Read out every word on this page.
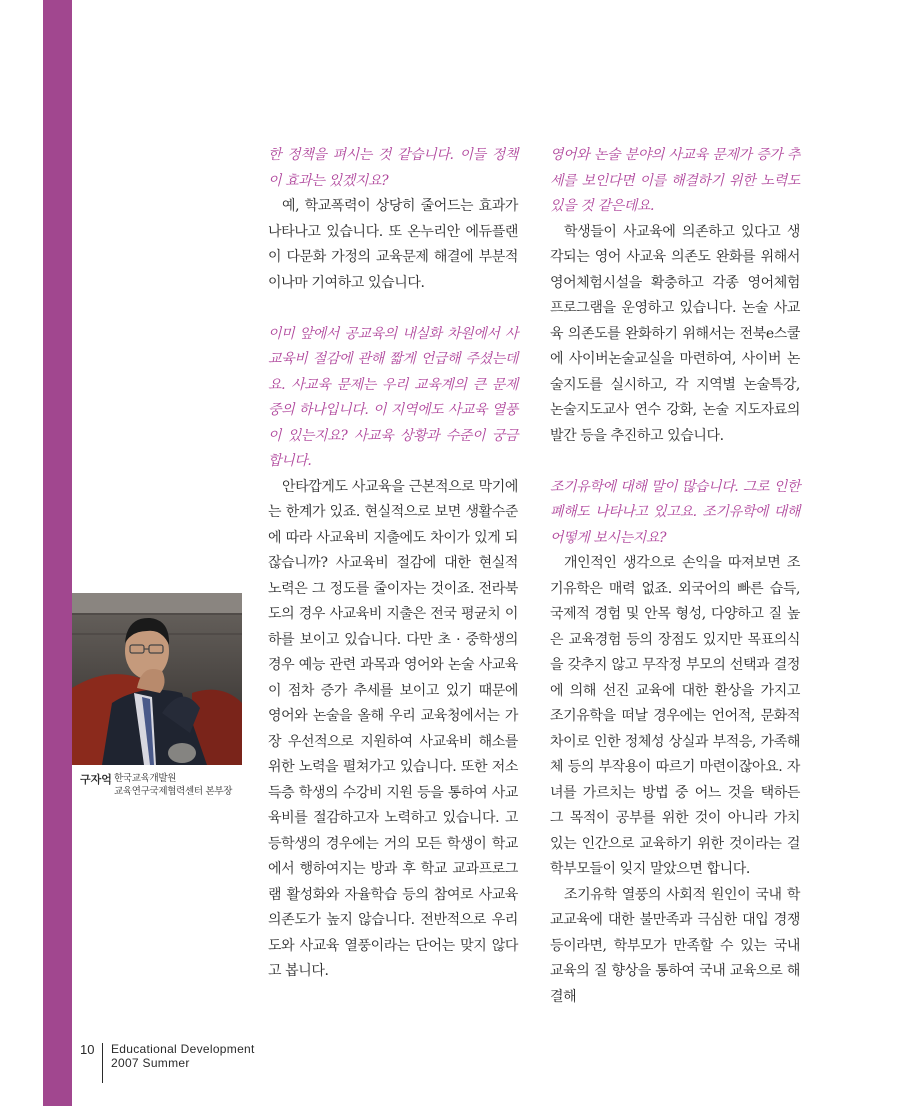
한 정책을 펴시는 것 같습니다. 이들 정책이 효과는 있겠지요?

예, 학교폭력이 상당히 줄어드는 효과가 나타나고 있습니다. 또 온누리안 에듀플랜이 다문화 가정의 교육문제 해결에 부분적이나마 기여하고 있습니다.

이미 앞에서 공교육의 내실화 차원에서 사교육비 절감에 관해 짧게 언급해 주셨는데요. 사교육 문제는 우리 교육계의 큰 문제 중의 하나입니다. 이 지역에도 사교육 열풍이 있는지요? 사교육 상황과 수준이 궁금합니다.

안타깝게도 사교육을 근본적으로 막기에는 한계가 있죠. 현실적으로 보면 생활수준에 따라 사교육비 지출에도 차이가 있게 되잖습니까? 사교육비 절감에 대한 현실적 노력은 그 정도를 줄이자는 것이죠. 전라북도의 경우 사교육비 지출은 전국 평균치 이하를 보이고 있습니다. 다만 초 · 중학생의 경우 예능 관련 과목과 영어와 논술 사교육이 점차 증가 추세를 보이고 있기 때문에 영어와 논술을 올해 우리 교육청에서는 가장 우선적으로 지원하여 사교육비 해소를 위한 노력을 펼쳐가고 있습니다. 또한 저소득층 학생의 수강비 지원 등을 통하여 사교육비를 절감하고자 노력하고 있습니다. 고등학생의 경우에는 거의 모든 학생이 학교에서 행하여지는 방과 후 학교 교과프로그램 활성화와 자율학습 등의 참여로 사교육 의존도가 높지 않습니다. 전반적으로 우리 도와 사교육 열풍이라는 단어는 맞지 않다고 봅니다.

영어와 논술 분야의 사교육 문제가 증가 추세를 보인다면 이를 해결하기 위한 노력도 있을 것 같은데요.

학생들이 사교육에 의존하고 있다고 생각되는 영어 사교육 의존도 완화를 위해서 영어체험시설을 확충하고 각종 영어체험 프로그램을 운영하고 있습니다. 논술 사교육 의존도를 완화하기 위해서는 전북e스쿨에 사이버논술교실을 마련하여, 사이버 논술지도를 실시하고, 각 지역별 논술특강, 논술지도교사 연수 강화, 논술 지도자료의 발간 등을 추진하고 있습니다.

조기유학에 대해 말이 많습니다. 그로 인한 폐해도 나타나고 있고요. 조기유학에 대해 어떻게 보시는지요?

개인적인 생각으로 손익을 따져보면 조기유학은 매력 없죠. 외국어의 빠른 습득, 국제적 경험 및 안목 형성, 다양하고 질 높은 교육경험 등의 장점도 있지만 목표의식을 갖추지 않고 무작정 부모의 선택과 결정에 의해 선진 교육에 대한 환상을 가지고 조기유학을 떠날 경우에는 언어적, 문화적 차이로 인한 정체성 상실과 부적응, 가족해체 등의 부작용이 따르기 마련이잖아요. 자녀를 가르치는 방법 중 어느 것을 택하든 그 목적이 공부를 위한 것이 아니라 가치 있는 인간으로 교육하기 위한 것이라는 걸 학부모들이 잊지 말았으면 합니다.

조기유학 열풍의 사회적 원인이 국내 학교교육에 대한 불만족과 극심한 대입 경쟁 등이라면, 학부모가 만족할 수 있는 국내 교육의 질 향상을 통하여 국내 교육으로 해결해

구자억 한국교육개발원
교육연구국제협력센터 본부장
10 Educational Development
2007 Summer
